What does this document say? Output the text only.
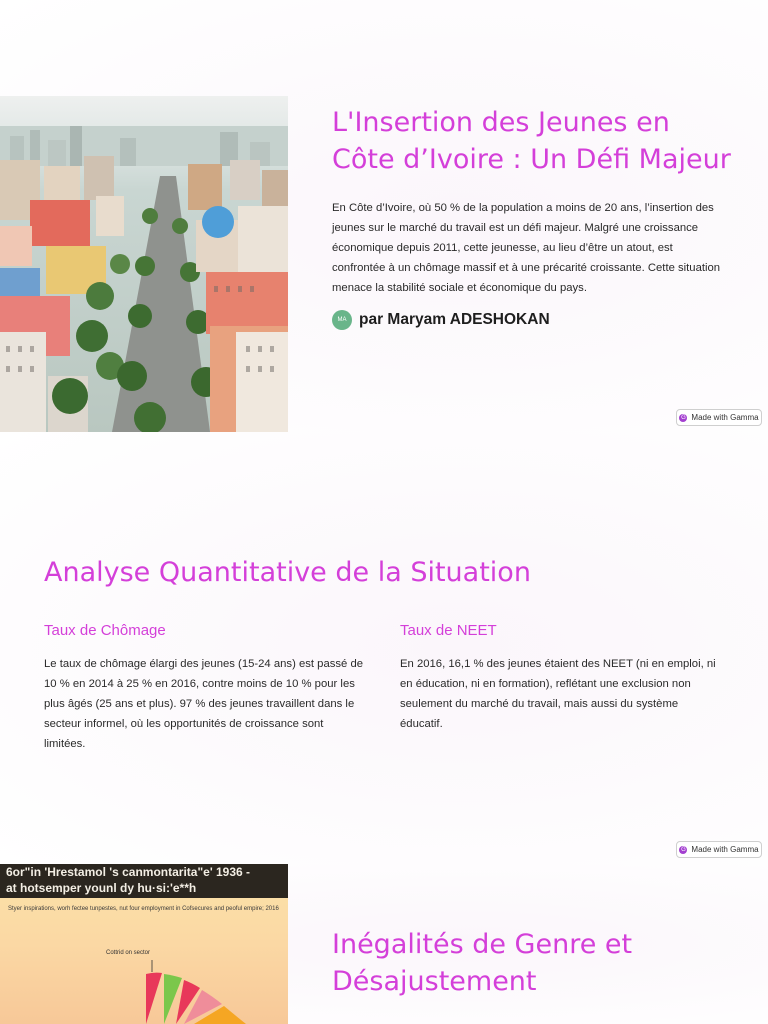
L'Insertion des Jeunes en Côte d’Ivoire : Un Défi Majeur

En Côte d’Ivoire, où 50 % de la population a moins de 20 ans, l’insertion des jeunes sur le marché du travail est un défi majeur. Malgré une croissance économique depuis 2011, cette jeunesse, au lieu d’être un atout, est confrontée à un chômage massif et à une précarité croissante. Cette situation menace la stabilité sociale et économique du pays.

MA par Maryam ADESHOKAN
G Made with Gamma
Analyse Quantitative de la Situation
Taux de Chômage

Le taux de chômage élargi des jeunes (15-24 ans) est passé de 10 % en 2014 à 25 % en 2016, contre moins de 10 % pour les plus âgés (25 ans et plus). 97 % des jeunes travaillent dans le secteur informel, où les opportunités de croissance sont limitées.

Taux de NEET

En 2016, 16,1 % des jeunes étaient des NEET (ni en emploi, ni en éducation, ni en formation), reflétant une exclusion non seulement du marché du travail, mais aussi du système éducatif.

G Made with Gamma
6or"in 'Hrestamol 's canmontarita"e' 1936 -
at hotsemper younl dy hu·si:'e**h
Styer inspirations, worh fectee tunpestes, nut four employment in Cofsecures and peoful empire; 2016
Cottrid on sector	Inégalités de Genre et Désajustement
